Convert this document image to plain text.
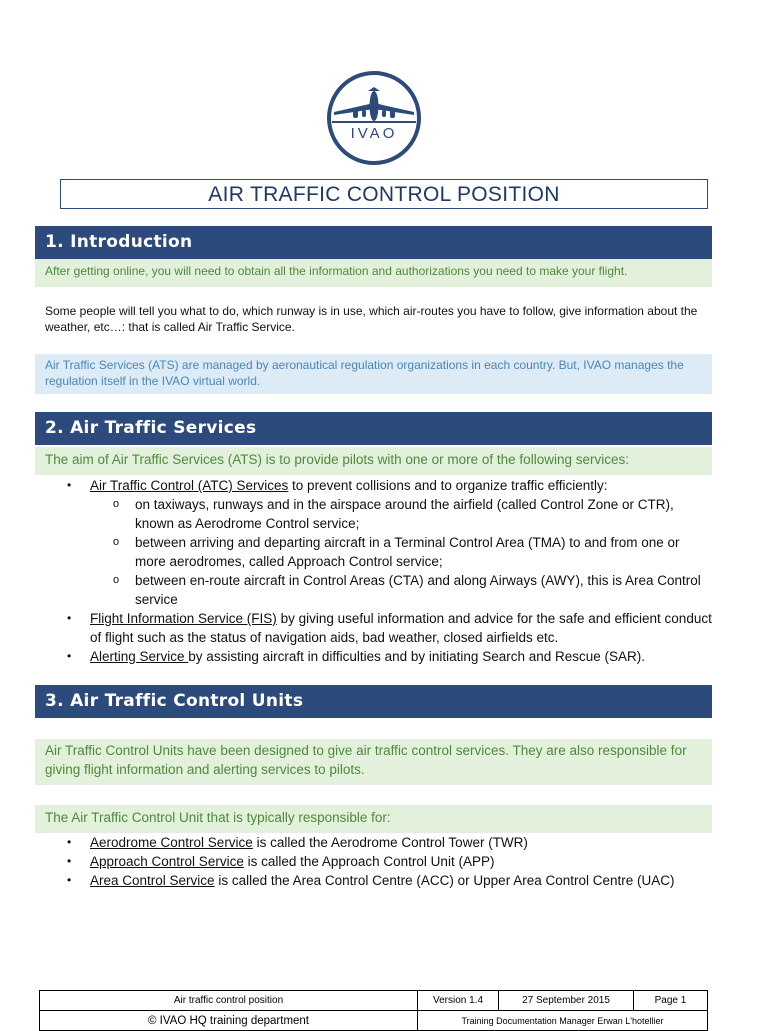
IVAO
AIR TRAFFIC CONTROL POSITION
1. Introduction
After getting online, you will need to obtain all the information and authorizations you need to make your flight.
Some people will tell you what to do, which runway is in use, which air-routes you have to follow, give information about the weather, etc…: that is called Air Traffic Service.
Air Traffic Services (ATS) are managed by aeronautical regulation organizations in each country. But, IVAO manages the regulation itself in the IVAO virtual world.
2. Air Traffic Services
The aim of Air Traffic Services (ATS) is to provide pilots with one or more of the following services:
• Air Traffic Control (ATC) Services to prevent collisions and to organize traffic efficiently:
o on taxiways, runways and in the airspace around the airfield (called Control Zone or CTR), known as Aerodrome Control service;
o between arriving and departing aircraft in a Terminal Control Area (TMA) to and from one or more aerodromes, called Approach Control service;
o between en-route aircraft in Control Areas (CTA) and along Airways (AWY), this is Area Control service
• Flight Information Service (FIS) by giving useful information and advice for the safe and efficient conduct of flight such as the status of navigation aids, bad weather, closed airfields etc.
• Alerting Service by assisting aircraft in difficulties and by initiating Search and Rescue (SAR).
3. Air Traffic Control Units
Air Traffic Control Units have been designed to give air traffic control services. They are also responsible for giving flight information and alerting services to pilots.
The Air Traffic Control Unit that is typically responsible for:
• Aerodrome Control Service is called the Aerodrome Control Tower (TWR)
• Approach Control Service is called the Approach Control Unit (APP)
• Area Control Service is called the Area Control Centre (ACC) or Upper Area Control Centre (UAC)
Air traffic control position	Version 1.4	27 September 2015	Page 1
© IVAO HQ training department	Training Documentation Manager Erwan L'hotellier		
